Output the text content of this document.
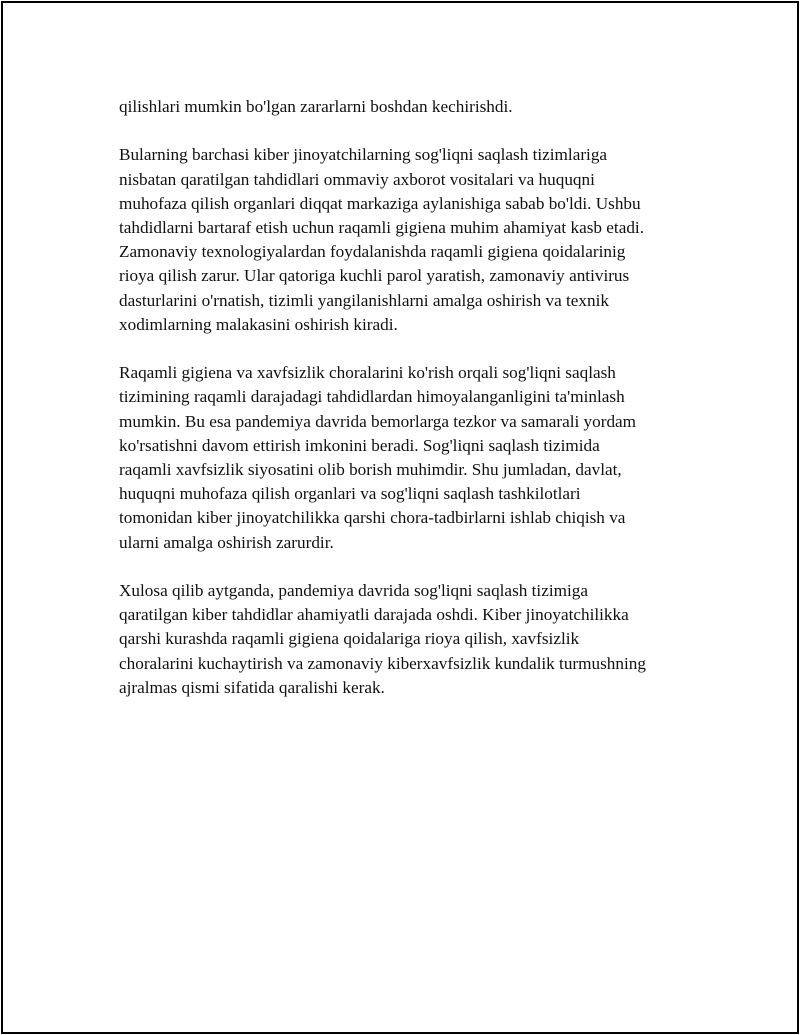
qilishlari mumkin bo'lgan zararlarni boshdan kechirishdi.

Bularning barchasi kiber jinoyatchilarning sog'liqni saqlash tizimlariga
nisbatan qaratilgan tahdidlari ommaviy axborot vositalari va huquqni
muhofaza qilish organlari diqqat markaziga aylanishiga sabab bo'ldi. Ushbu
tahdidlarni bartaraf etish uchun raqamli gigiena muhim ahamiyat kasb etadi.
Zamonaviy texnologiyalardan foydalanishda raqamli gigiena qoidalarinig
rioya qilish zarur. Ular qatoriga kuchli parol yaratish, zamonaviy antivirus
dasturlarini o'rnatish, tizimli yangilanishlarni amalga oshirish va texnik
xodimlarning malakasini oshirish kiradi.

Raqamli gigiena va xavfsizlik choralarini ko'rish orqali sog'liqni saqlash
tizimining raqamli darajadagi tahdidlardan himoyalanganligini ta'minlash
mumkin. Bu esa pandemiya davrida bemorlarga tezkor va samarali yordam
ko'rsatishni davom ettirish imkonini beradi. Sog'liqni saqlash tizimida
raqamli xavfsizlik siyosatini olib borish muhimdir. Shu jumladan, davlat,
huquqni muhofaza qilish organlari va sog'liqni saqlash tashkilotlari
tomonidan kiber jinoyatchilikka qarshi chora-tadbirlarni ishlab chiqish va
ularni amalga oshirish zarurdir.

Xulosa qilib aytganda, pandemiya davrida sog'liqni saqlash tizimiga
qaratilgan kiber tahdidlar ahamiyatli darajada oshdi. Kiber jinoyatchilikka
qarshi kurashda raqamli gigiena qoidalariga rioya qilish, xavfsizlik
choralarini kuchaytirish va zamonaviy kiberxavfsizlik kundalik turmushning
ajralmas qismi sifatida qaralishi kerak.
